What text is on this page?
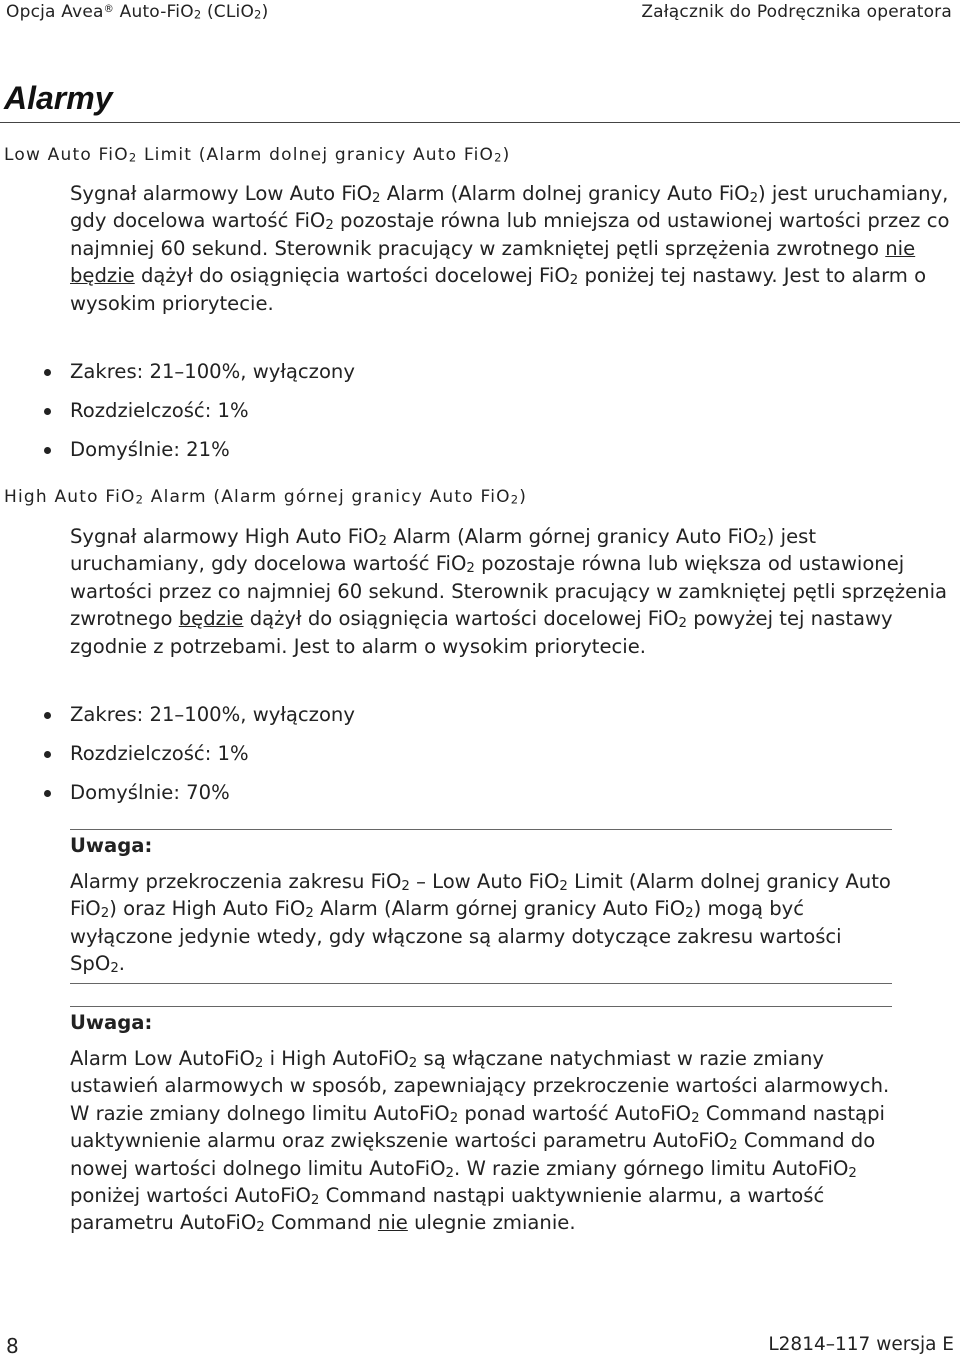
Opcja Avea® Auto-FiO2 (CLiO2)	Załącznik do Podręcznika operatora
Alarmy
Low Auto FiO2 Limit (Alarm dolnej granicy Auto FiO2)

Sygnał alarmowy Low Auto FiO2 Alarm (Alarm dolnej granicy Auto FiO2) jest uruchamiany,
gdy docelowa wartość FiO2 pozostaje równa lub mniejsza od ustawionej wartości przez co najmniej 60 sekund. Sterownik pracujący w zamkniętej pętli sprzężenia zwrotnego nie będzie dążył do osiągnięcia wartości docelowej FiO2 poniżej tej nastawy. Jest to alarm o wysokim priorytecie.

Zakres: 21–100%, wyłączony
Rozdzielczość: 1%
Domyślnie: 21%
High Auto FiO2 Alarm (Alarm górnej granicy Auto FiO2)

Sygnał alarmowy High Auto FiO2 Alarm (Alarm górnej granicy Auto FiO2) jest uruchamiany, gdy docelowa wartość FiO2 pozostaje równa lub większa od ustawionej wartości przez co najmniej 60 sekund. Sterownik pracujący w zamkniętej pętli sprzężenia zwrotnego będzie dążył do osiągnięcia wartości docelowej FiO2 powyżej tej nastawy zgodnie z potrzebami. Jest to alarm o wysokim priorytecie.

Zakres: 21–100%, wyłączony
Rozdzielczość: 1%
Domyślnie: 70%

Uwaga:

Alarmy przekroczenia zakresu FiO2 – Low Auto FiO2 Limit (Alarm dolnej granicy Auto FiO2) oraz High Auto FiO2 Alarm (Alarm górnej granicy Auto FiO2) mogą być wyłączone jedynie wtedy, gdy włączone są alarmy dotyczące zakresu wartości SpO2.

Uwaga:

Alarm Low AutoFiO2 i High AutoFiO2 są włączane natychmiast w razie zmiany ustawień alarmowych w sposób, zapewniający przekroczenie wartości alarmowych. W razie zmiany dolnego limitu AutoFiO2 ponad wartość AutoFiO2 Command nastąpi uaktywnienie alarmu oraz zwiększenie wartości parametru AutoFiO2 Command do nowej wartości dolnego limitu AutoFiO2. W razie zmiany górnego limitu AutoFiO2 poniżej wartości AutoFiO2 Command nastąpi uaktywnienie alarmu, a wartość parametru AutoFiO2 Command nie ulegnie zmianie.

8	L2814–117 wersja E
